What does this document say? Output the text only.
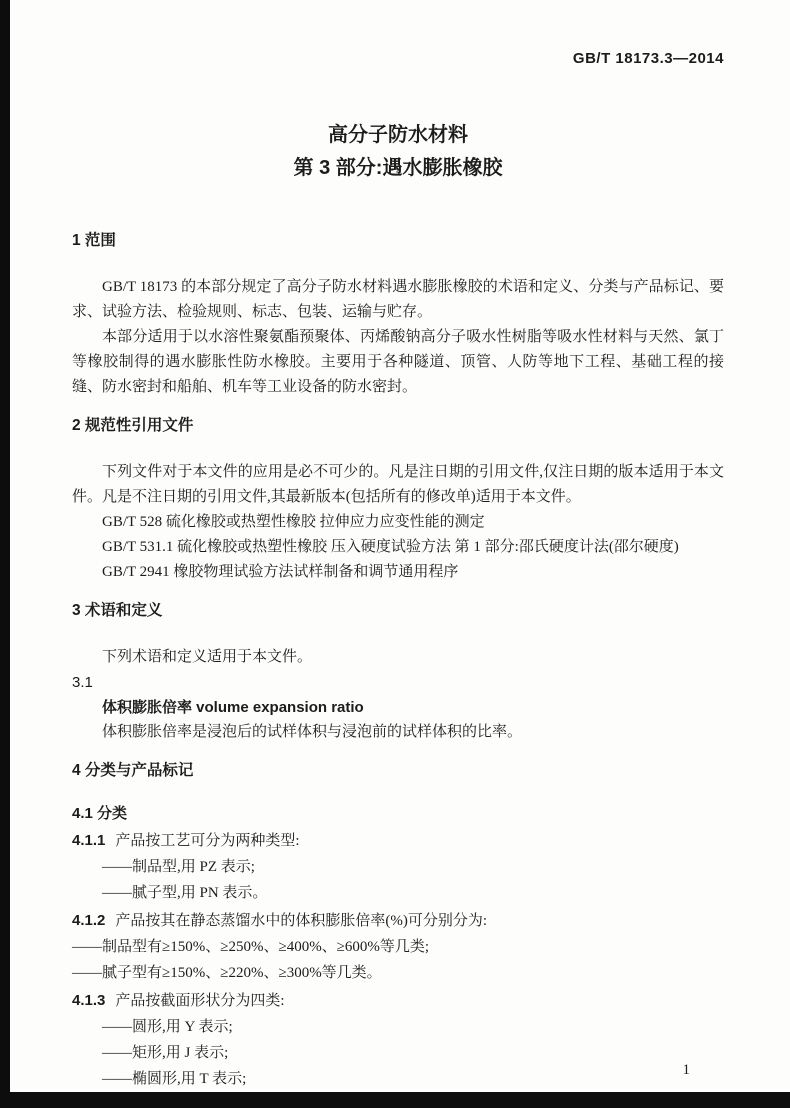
GB/T 18173.3—2014
高分子防水材料
第 3 部分:遇水膨胀橡胶
1 范围
GB/T 18173 的本部分规定了高分子防水材料遇水膨胀橡胶的术语和定义、分类与产品标记、要求、试验方法、检验规则、标志、包装、运输与贮存。
本部分适用于以水溶性聚氨酯预聚体、丙烯酸钠高分子吸水性树脂等吸水性材料与天然、氯丁等橡胶制得的遇水膨胀性防水橡胶。主要用于各种隧道、顶管、人防等地下工程、基础工程的接缝、防水密封和船舶、机车等工业设备的防水密封。
2 规范性引用文件
下列文件对于本文件的应用是必不可少的。凡是注日期的引用文件,仅注日期的版本适用于本文件。凡是不注日期的引用文件,其最新版本(包括所有的修改单)适用于本文件。
GB/T 528 硫化橡胶或热塑性橡胶 拉伸应力应变性能的测定
GB/T 531.1 硫化橡胶或热塑性橡胶 压入硬度试验方法 第 1 部分:邵氏硬度计法(邵尔硬度)
GB/T 2941 橡胶物理试验方法试样制备和调节通用程序
3 术语和定义
下列术语和定义适用于本文件。
3.1
体积膨胀倍率 volume expansion ratio
体积膨胀倍率是浸泡后的试样体积与浸泡前的试样体积的比率。
4 分类与产品标记
4.1 分类
4.1.1 产品按工艺可分为两种类型:
——制品型,用 PZ 表示;
——腻子型,用 PN 表示。
4.1.2 产品按其在静态蒸馏水中的体积膨胀倍率(%)可分别分为:
——制品型有≥150%、≥250%、≥400%、≥600%等几类;
——腻子型有≥150%、≥220%、≥300%等几类。
4.1.3 产品按截面形状分为四类:
——圆形,用 Y 表示;
——矩形,用 J 表示;
——椭圆形,用 T 表示;
1
